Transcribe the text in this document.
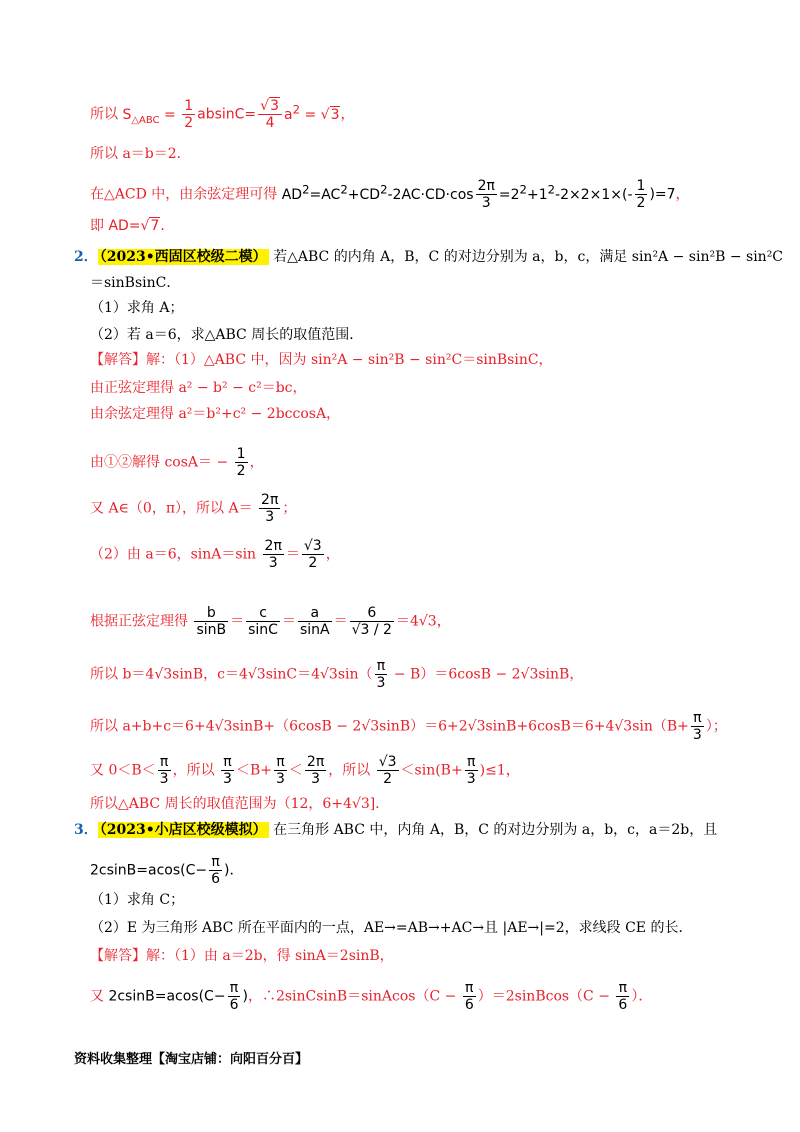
所以 $S_{\triangle ABC} = \frac{1}{2} absinC= \frac{√3}{4} a^2 = √3$，
所以 a＝b＝2．
在△ACD 中，由余弦定理可得 $AD^2=AC^2+CD^2-2AC\cdot CD\cdot\cos \frac{2\pi}{3} =2^2+1^2-2\times 2\times 1\times(- \frac{1}{2} )=7$，
即 AD=√7．
2． （2023•西固区校级二模） 若△ABC 的内角 A，B，C 的对边分别为 a，b，c，满足 sin²A − sin²B − sin²C
＝sinBsinC．
（1）求角 A；
（2）若 a＝6，求△ABC 周长的取值范围．
【解答】解：（1）△ABC 中，因为 sin²A − sin²B − sin²C＝sinBsinC，
由正弦定理得 a² − b² − c²＝bc，
由余弦定理得 a²＝b²+c² − 2bccosA，
由①②解得 $\cos A= - \frac{1}{2}$ ，
又 A∈（0，π），所以 $A= \frac{2\pi}{3}$ ；
（2）由 a＝6，$\sin A=\sin \frac{2\pi}{3} = \frac{√3}{2}$ ，
根据正弦定理得 $\frac{b}{\sin B} = \frac{c}{\sin C} = \frac{a}{\sin A} = \frac{6}{√3 / 2} =4√3$，
所以 b＝4√3sinB，$c=4√3\sin C=4√3\sin( \frac{\pi}{3} - B)=6\cos B - 2√3\sin B$，
所以 $a+b+c=6+4√3\sin B+(6\cos B - 2√3\sin B)=6+2√3\sin B+6\cos B=6+4√3\sin(B+ \frac{\pi}{3}$ ）；
又 $0<B< \frac{\pi}{3}$ ，所以 $\frac{\pi}{3} <B+ \frac{\pi}{3} < \frac{2\pi}{3}$ ，所以 $\frac{√3}{2} <\sin(B+ \frac{\pi}{3} )\le 1$，
所以△ABC 周长的取值范围为（12，6+4√3]．
3． （2023•小店区校级模拟） 在三角形 ABC 中，内角 A，B，C 的对边分别为 a，b，c，a＝2b，且
$2csinB=acos(C- \frac{\pi}{6}$ )．
（1）求角 C；
（2）E 为三角形 ABC 所在平面内的一点，AE→=AB→+AC→且 |AE→|=2，求线段 CE 的长．
【解答】解：（1）由 a＝2b，得 sinA＝2sinB，
又 $2csinB=acos(C- \frac{\pi}{6}$ )，∴2sinCsinB＝sinAcos（C − $\frac{\pi}{6}$ ）＝2sinBcos（C − $\frac{\pi}{6}$ ）．
资料收集整理【淘宝店铺：向阳百分百】
